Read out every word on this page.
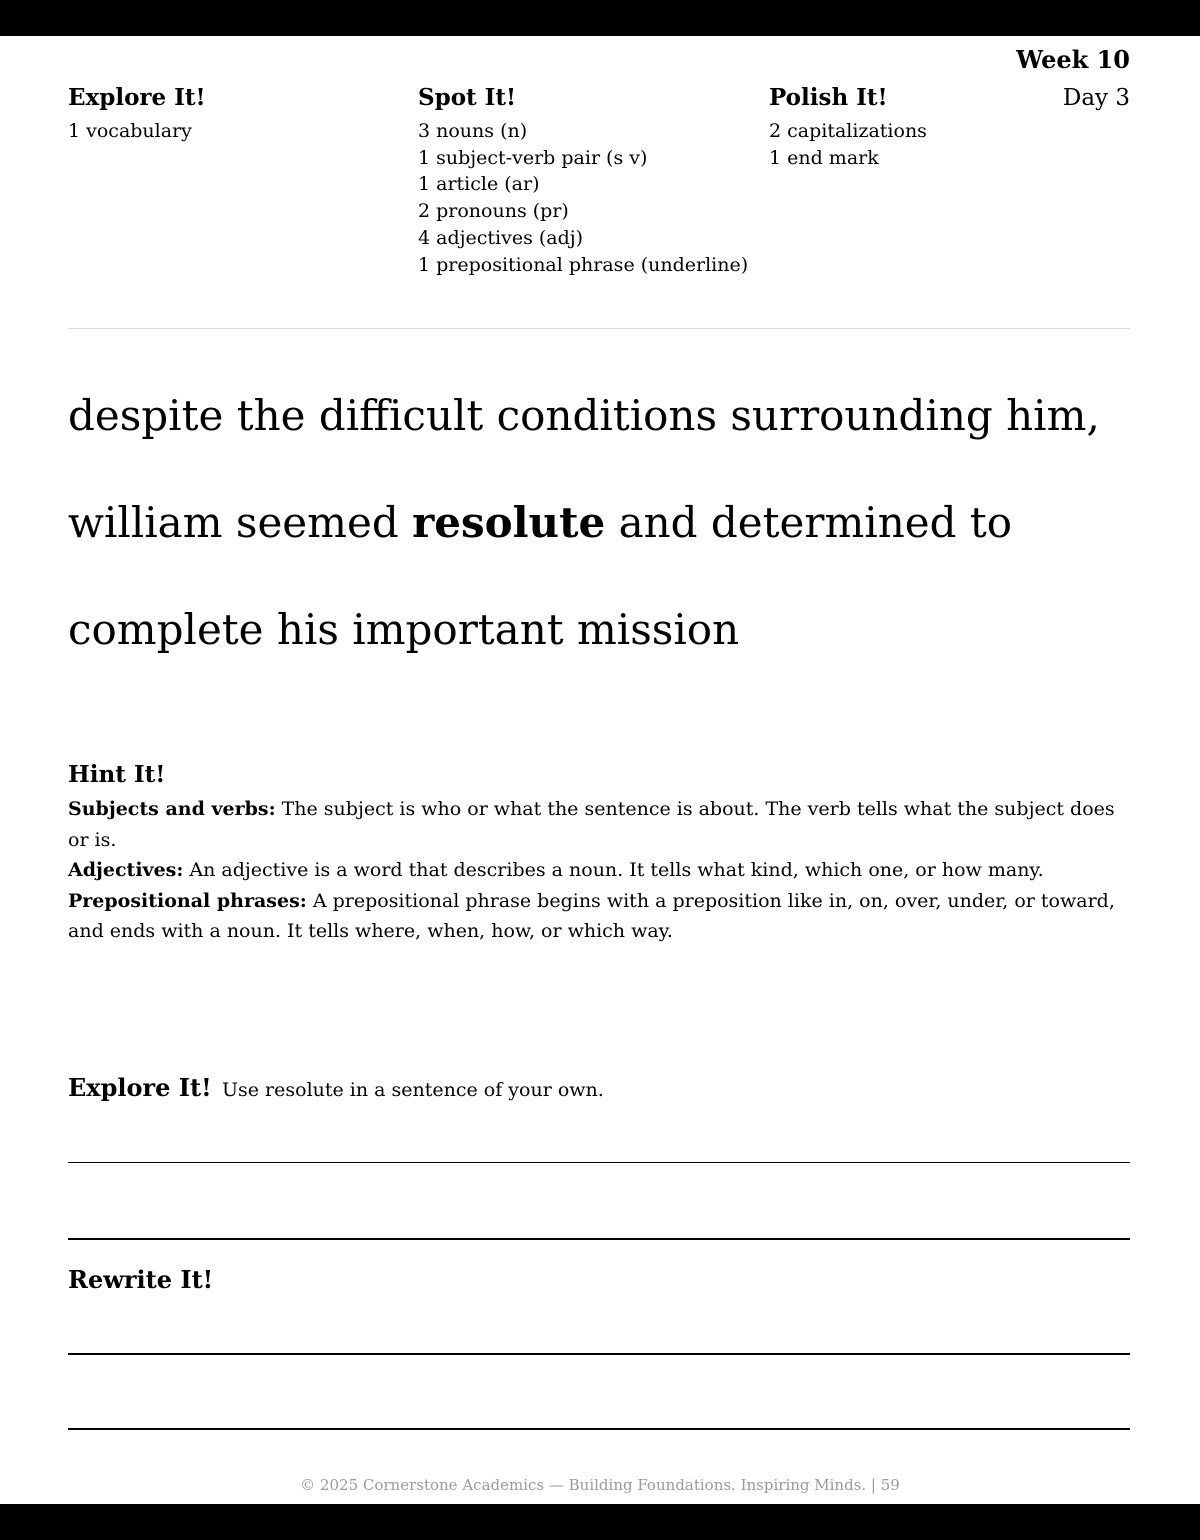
Week 10
Day 3
Explore It!
1 vocabulary
Spot It!
3 nouns (n)
1 subject-verb pair (s v)
1 article (ar)
2 pronouns (pr)
4 adjectives (adj)
1 prepositional phrase (underline)
Polish It!
2 capitalizations
1 end mark
despite the difficult conditions surrounding him, william seemed resolute and determined to complete his important mission
Hint It!

Subjects and verbs: The subject is who or what the sentence is about. The verb tells what the subject does or is.

Adjectives: An adjective is a word that describes a noun. It tells what kind, which one, or how many.

Prepositional phrases: A prepositional phrase begins with a preposition like in, on, over, under, or toward, and ends with a noun. It tells where, when, how, or which way.

Explore It! Use resolute in a sentence of your own.
Rewrite It!
© 2025 Cornerstone Academics — Building Foundations. Inspiring Minds. | 59
